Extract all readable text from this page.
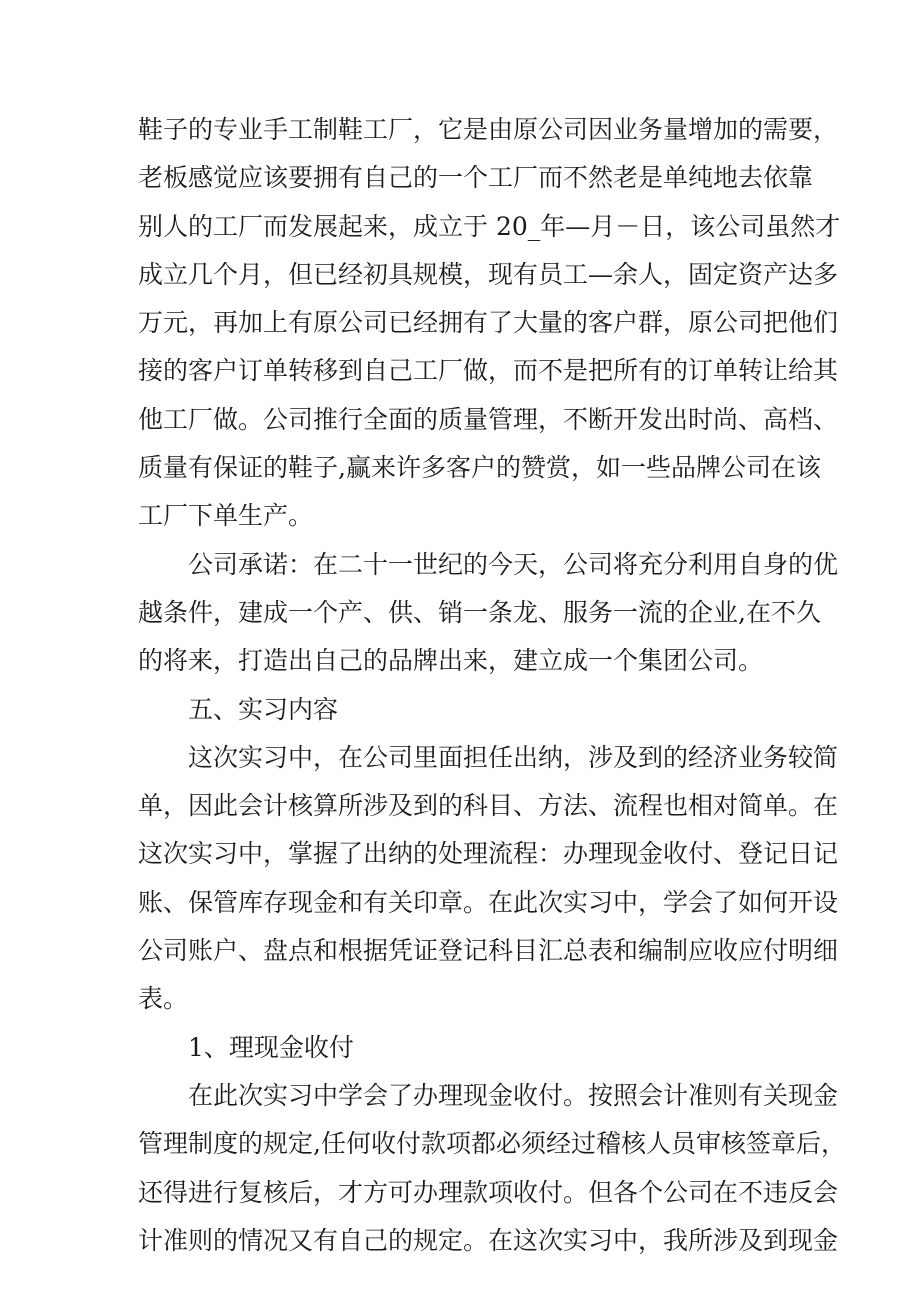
鞋子的专业手工制鞋工厂，它是由原公司因业务量增加的需要，
老板感觉应该要拥有自己的一个工厂而不然老是单纯地去依靠
别人的工厂而发展起来，成立于 20_年—月－日，该公司虽然才
成立几个月，但已经初具规模，现有员工—余人，固定资产达多
万元，再加上有原公司已经拥有了大量的客户群，原公司把他们
接的客户订单转移到自己工厂做，而不是把所有的订单转让给其
他工厂做。公司推行全面的质量管理，不断开发出时尚、高档、
质量有保证的鞋子,赢来许多客户的赞赏，如一些品牌公司在该
工厂下单生产。
公司承诺：在二十一世纪的今天，公司将充分利用自身的优
越条件，建成一个产、供、销一条龙、服务一流的企业,在不久
的将来，打造出自己的品牌出来，建立成一个集团公司。
五、实习内容
这次实习中，在公司里面担任出纳，涉及到的经济业务较简
单，因此会计核算所涉及到的科目、方法、流程也相对简单。在
这次实习中，掌握了出纳的处理流程：办理现金收付、登记日记
账、保管库存现金和有关印章。在此次实习中，学会了如何开设
公司账户、盘点和根据凭证登记科目汇总表和编制应收应付明细
表。
1、理现金收付
在此次实习中学会了办理现金收付。按照会计准则有关现金
管理制度的规定,任何收付款项都必须经过稽核人员审核签章后，
还得进行复核后，才方可办理款项收付。但各个公司在不违反会
计准则的情况又有自己的规定。在这次实习中，我所涉及到现金
